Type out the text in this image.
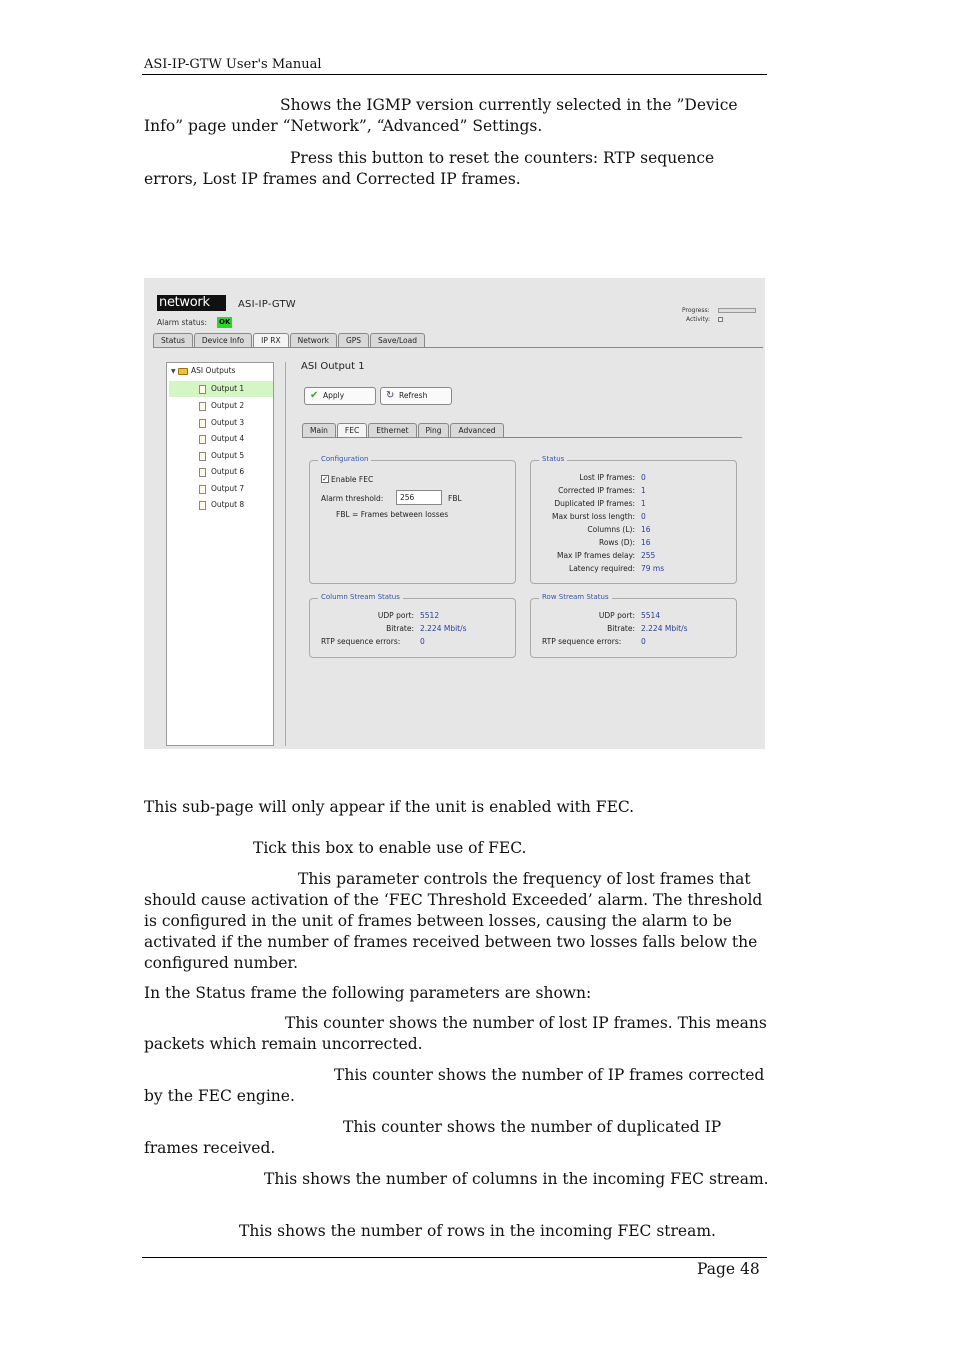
ASI-IP-GTW User's Manual
Shows the IGMP version currently selected in the ”Device Info” page under “Network”, “Advanced” Settings.
Press this button to reset the counters: RTP sequence errors, Lost IP frames and Corrected IP frames.
network	ASI-IP-GTW
Alarm status: OK
Progress:
Activity:
Status	Device Info	IP RX	Network	GPS	Save/Load
▼ ASI Outputs
Output 1
Output 2
Output 3
Output 4
Output 5
Output 6
Output 7
Output 8
ASI Output 1
✔ Apply	↻ Refresh
Main	FEC	Ethernet	Ping	Advanced
Configuration
✓ Enable FEC
Alarm threshold:	256	FBL
FBL = Frames between losses
Status
Lost IP frames: 0
Corrected IP frames: 1
Duplicated IP frames: 1
Max burst loss length: 0
Columns (L): 16
Rows (D): 16
Max IP frames delay: 255
Latency required: 79 ms
Column Stream Status
UDP port: 5512
Bitrate: 2.224 Mbit/s
RTP sequence errors:	0
Row Stream Status
UDP port: 5514
Bitrate: 2.224 Mbit/s
RTP sequence errors:	0
This sub-page will only appear if the unit is enabled with FEC.
Tick this box to enable use of FEC.
This parameter controls the frequency of lost frames that should cause activation of the ‘FEC Threshold Exceeded’ alarm. The threshold is configured in the unit of frames between losses, causing the alarm to be activated if the number of frames received between two losses falls below the configured number.
In the Status frame the following parameters are shown:
This counter shows the number of lost IP frames. This means packets which remain uncorrected.
This counter shows the number of IP frames corrected by the FEC engine.
This counter shows the number of duplicated IP frames received.
This shows the number of columns in the incoming FEC stream.
This shows the number of rows in the incoming FEC stream.
Page 48
